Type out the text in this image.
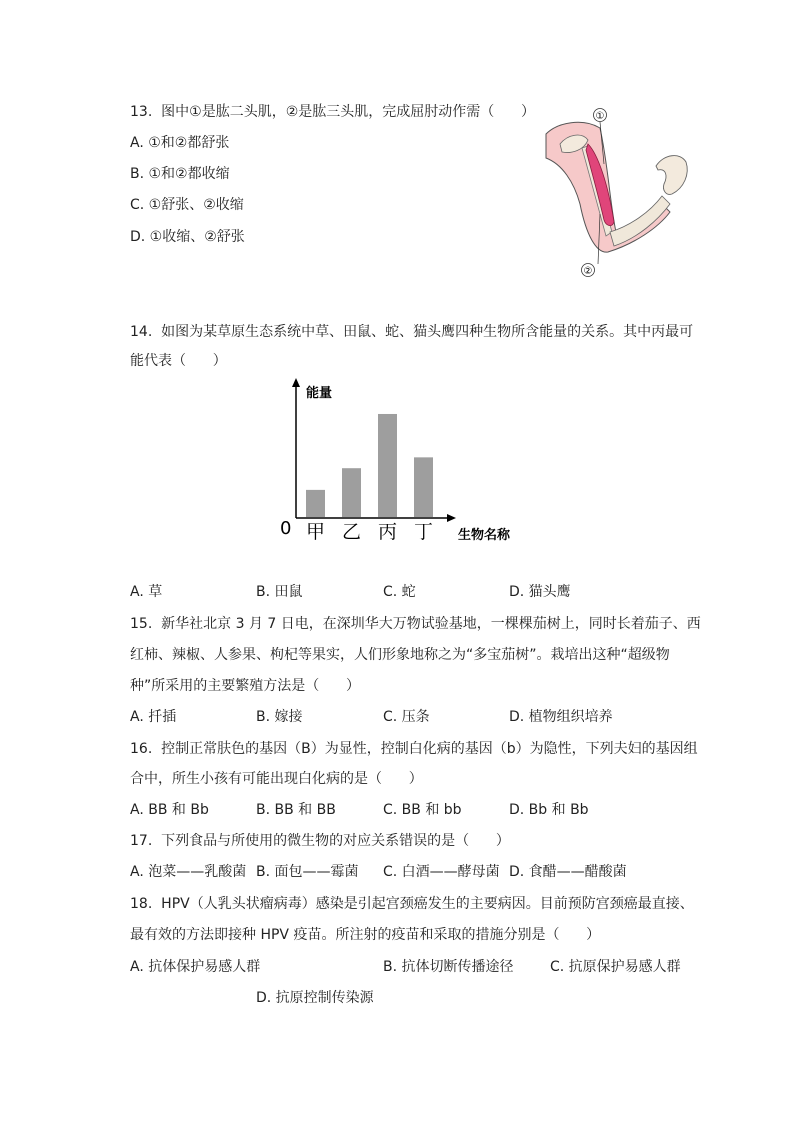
13.  图中①是肱二头肌，②是肱三头肌，完成屈肘动作需（      ）
A. ①和②都舒张
B. ①和②都收缩
C. ①舒张、②收缩
D. ①收缩、②舒张
①
②
14.  如图为某草原生态系统中草、田鼠、蛇、猫头鹰四种生物所含能量的关系。其中丙最可
能代表（      ）
能量
生物名称
0 甲 乙 丙 丁
A. 草	B. 田鼠	C. 蛇	D. 猫头鹰
15.  新华社北京 3 月 7 日电，在深圳华大万物试验基地，一棵棵茄树上，同时长着茄子、西
红柿、辣椒、人参果、枸杞等果实，人们形象地称之为“多宝茄树”。栽培出这种“超级物
种”所采用的主要繁殖方法是（      ）
A. 扦插	B. 嫁接	C. 压条	D. 植物组织培养
16.  控制正常肤色的基因（B）为显性，控制白化病的基因（b）为隐性，下列夫妇的基因组
合中，所生小孩有可能出现白化病的是（      ）
A. BB 和 Bb	B. BB 和 BB	C. BB 和 bb	D. Bb 和 Bb
17.  下列食品与所使用的微生物的对应关系错误的是（      ）
A. 泡菜——乳酸菌 B. 面包——霉菌 C. 白酒——酵母菌 D. 食醋——醋酸菌
18.  HPV（人乳头状瘤病毒）感染是引起宫颈癌发生的主要病因。目前预防宫颈癌最直接、
最有效的方法即接种 HPV 疫苗。所注射的疫苗和采取的措施分别是（      ）
A. 抗体保护易感人群	B. 抗体切断传播途径	C. 抗原保护易感人群
D. 抗原控制传染源
